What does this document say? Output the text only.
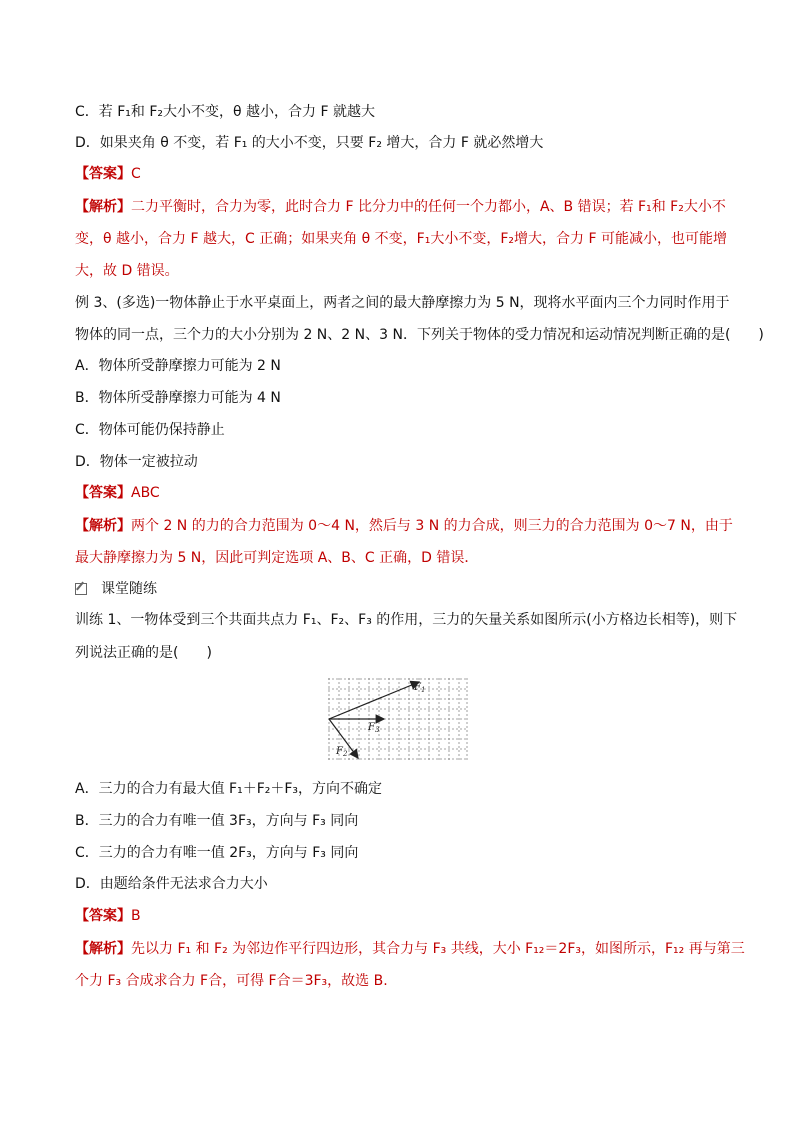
C．若 F₁和 F₂大小不变，θ 越小，合力 F 就越大
D．如果夹角 θ 不变，若 F₁ 的大小不变，只要 F₂ 增大，合力 F 就必然增大
【答案】C
【解析】二力平衡时，合力为零，此时合力 F 比分力中的任何一个力都小，A、B 错误；若 F₁和 F₂大小不
变，θ 越小，合力 F 越大，C 正确；如果夹角 θ 不变，F₁大小不变，F₂增大，合力 F 可能减小，也可能增
大，故 D 错误。
例 3、(多选)一物体静止于水平桌面上，两者之间的最大静摩擦力为 5 N，现将水平面内三个力同时作用于
物体的同一点，三个力的大小分别为 2 N、2 N、3 N．下列关于物体的受力情况和运动情况判断正确的是(　　)
A．物体所受静摩擦力可能为 2 N
B．物体所受静摩擦力可能为 4 N
C．物体可能仍保持静止
D．物体一定被拉动
【答案】ABC
【解析】两个 2 N 的力的合力范围为 0～4 N，然后与 3 N 的力合成，则三力的合力范围为 0～7 N，由于
最大静摩擦力为 5 N，因此可判定选项 A、B、C 正确，D 错误．
课堂随练
训练 1、一物体受到三个共面共点力 F₁、F₂、F₃ 的作用，三力的矢量关系如图所示(小方格边长相等)，则下
列说法正确的是(　　)
$F_1$
$F_3$
$F_2$
A．三力的合力有最大值 F₁＋F₂＋F₃，方向不确定
B．三力的合力有唯一值 3F₃，方向与 F₃ 同向
C．三力的合力有唯一值 2F₃，方向与 F₃ 同向
D．由题给条件无法求合力大小
【答案】B
【解析】先以力 F₁ 和 F₂ 为邻边作平行四边形，其合力与 F₃ 共线，大小 F₁₂＝2F₃，如图所示，F₁₂ 再与第三
个力 F₃ 合成求合力 F合，可得 F合＝3F₃，故选 B.
